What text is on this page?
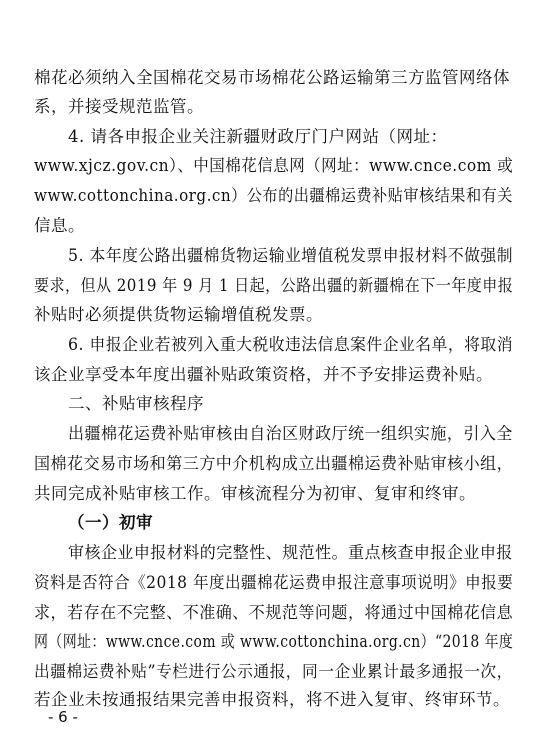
棉花必须纳入全国棉花交易市场棉花公路运输第三方监管网络体
系，并接受规范监管。
4. 请各申报企业关注新疆财政厅门户网站（网址：
www.xjcz.gov.cn）、中国棉花信息网（网址：www.cnce.com 或
www.cottonchina.org.cn）公布的出疆棉运费补贴审核结果和有关
信息。
5. 本年度公路出疆棉货物运输业增值税发票申报材料不做强制
要求，但从 2019 年 9 月 1 日起，公路出疆的新疆棉在下一年度申报
补贴时必须提供货物运输增值税发票。
6. 申报企业若被列入重大税收违法信息案件企业名单，将取消
该企业享受本年度出疆补贴政策资格，并不予安排运费补贴。
二、补贴审核程序
出疆棉花运费补贴审核由自治区财政厅统一组织实施，引入全
国棉花交易市场和第三方中介机构成立出疆棉运费补贴审核小组，
共同完成补贴审核工作。审核流程分为初审、复审和终审。
（一）初审
审核企业申报材料的完整性、规范性。重点核查申报企业申报
资料是否符合《2018 年度出疆棉花运费申报注意事项说明》申报要
求，若存在不完整、不准确、不规范等问题，将通过中国棉花信息
网（网址：www.cnce.com 或 www.cottonchina.org.cn）“2018 年度
出疆棉运费补贴”专栏进行公示通报，同一企业累计最多通报一次，
若企业未按通报结果完善申报资料，将不进入复审、终审环节。
- 6 -
